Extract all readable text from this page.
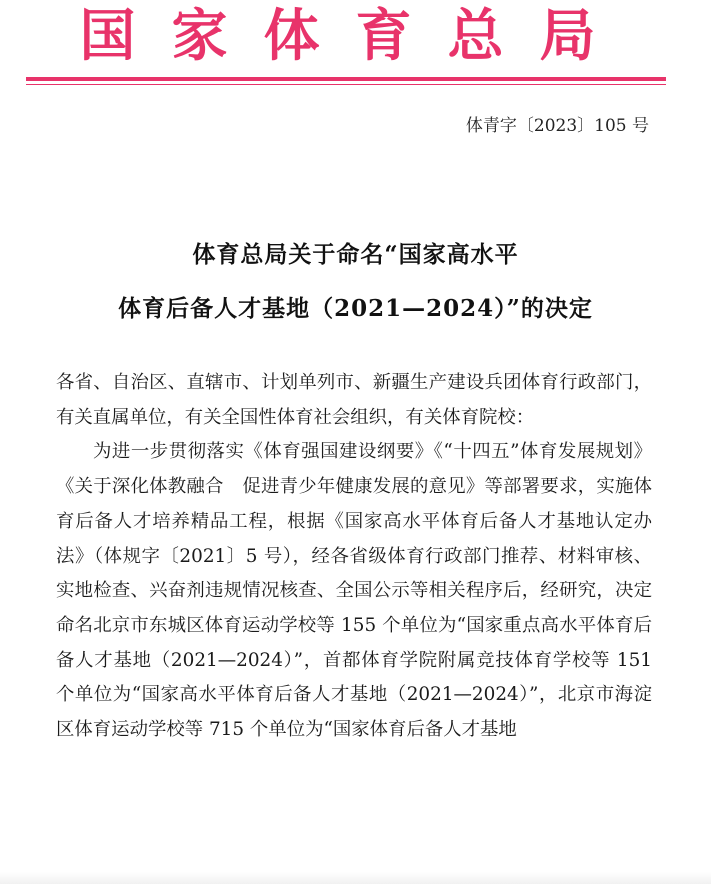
国家体育总局

体青字〔2023〕105 号

体育总局关于命名“国家高水平
体育后备人才基地（2021—2024）”的决定

各省、自治区、直辖市、计划单列市、新疆生产建设兵团体育行政部门，有关直属单位，有关全国性体育社会组织，有关体育院校：

为进一步贯彻落实《体育强国建设纲要》《“十四五”体育发展规划》《关于深化体教融合　促进青少年健康发展的意见》等部署要求，实施体育后备人才培养精品工程，根据《国家高水平体育后备人才基地认定办法》（体规字〔2021〕5 号），经各省级体育行政部门推荐、材料审核、实地检查、兴奋剂违规情况核查、全国公示等相关程序后，经研究，决定命名北京市东城区体育运动学校等 155 个单位为“国家重点高水平体育后备人才基地（2021—2024）”，首都体育学院附属竞技体育学校等 151 个单位为“国家高水平体育后备人才基地（2021—2024）”，北京市海淀区体育运动学校等 715 个单位为“国家体育后备人才基地
